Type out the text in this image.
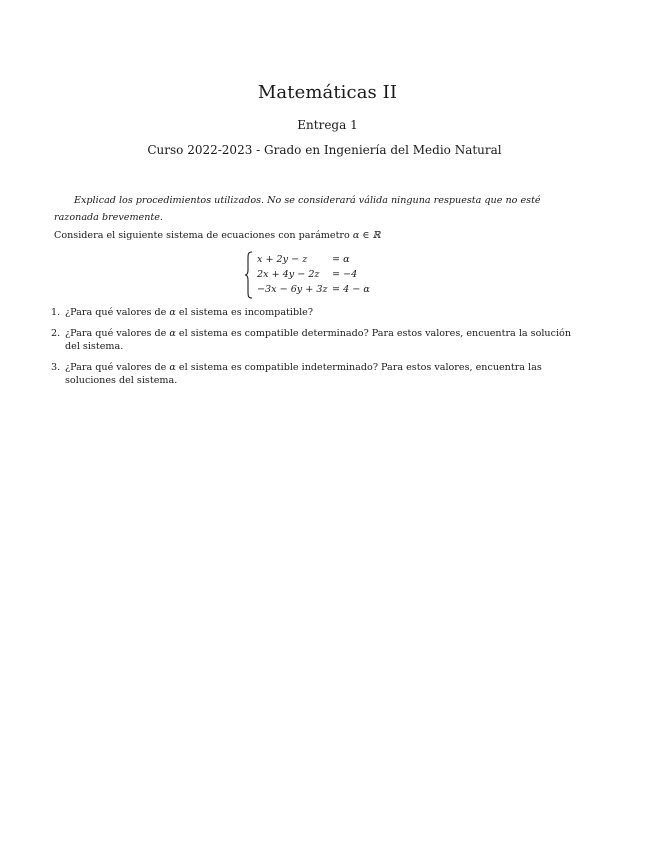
Matemáticas II
Entrega 1
Curso 2022-2023 - Grado en Ingeniería del Medio Natural
Explicad los procedimientos utilizados. No se considerará válida ninguna respuesta que no esté razonada brevemente.
Considera el siguiente sistema de ecuaciones con parámetro α ∈ ℝ
x + 2y − z	= α
2x + 4y − 2z = −4
−3x − 6y + 3z = 4 − α
1. ¿Para qué valores de α el sistema es incompatible?
2. ¿Para qué valores de α el sistema es compatible determinado? Para estos valores, encuentra la solución del sistema.
3. ¿Para qué valores de α el sistema es compatible indeterminado? Para estos valores, encuentra las soluciones del sistema.
